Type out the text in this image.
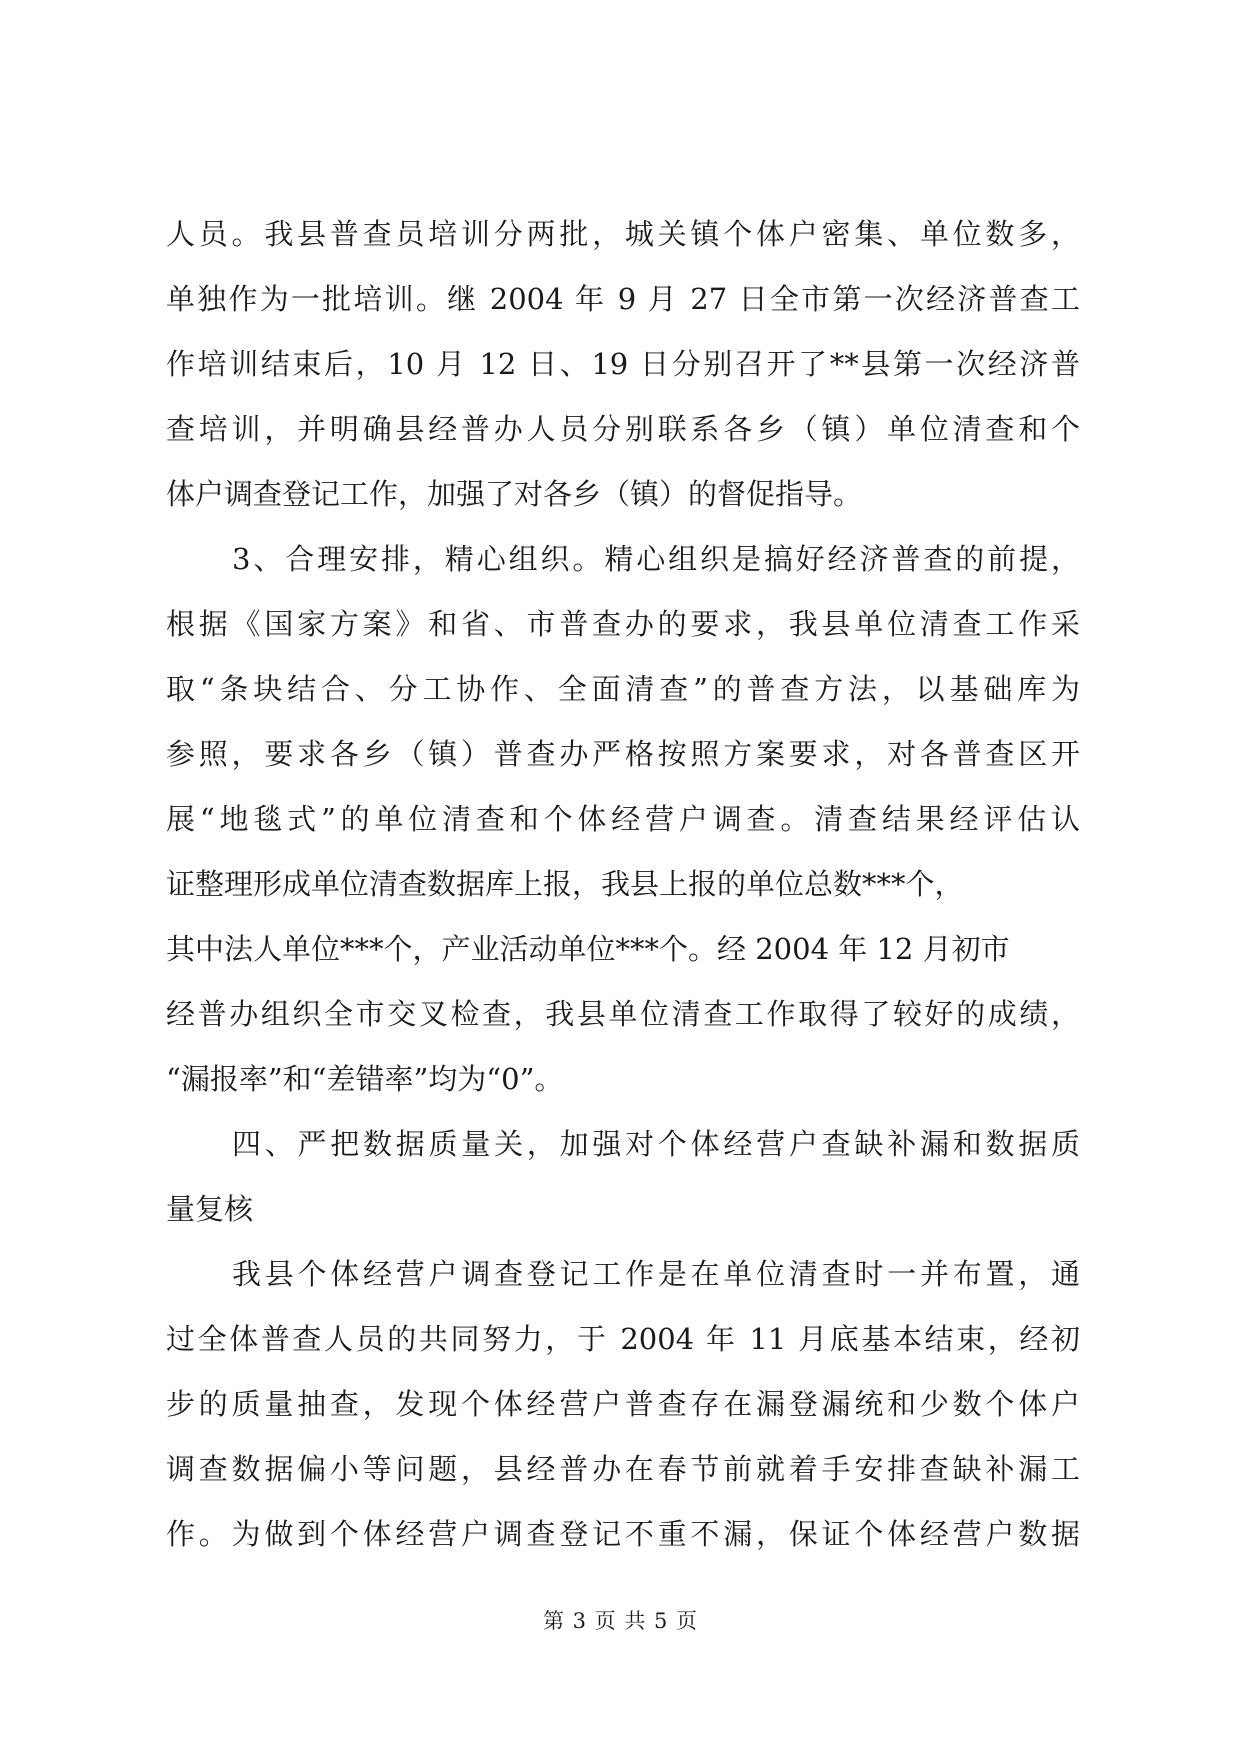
人员。我县普查员培训分两批，城关镇个体户密集、单位数多，
单独作为一批培训。继 2004 年 9 月 27 日全市第一次经济普查工
作培训结束后，10 月 12 日、19 日分别召开了**县第一次经济普
查培训，并明确县经普办人员分别联系各乡（镇）单位清查和个
体户调查登记工作，加强了对各乡（镇）的督促指导。
3、合理安排，精心组织。精心组织是搞好经济普查的前提，
根据《国家方案》和省、市普查办的要求，我县单位清查工作采
取“条块结合、分工协作、全面清查”的普查方法，以基础库为
参照，要求各乡（镇）普查办严格按照方案要求，对各普查区开
展“地毯式”的单位清查和个体经营户调查。清查结果经评估认
证整理形成单位清查数据库上报，我县上报的单位总数***个，
其中法人单位***个，产业活动单位***个。经 2004 年 12 月初市
经普办组织全市交叉检查，我县单位清查工作取得了较好的成绩，
“漏报率”和“差错率”均为“0”。
四、严把数据质量关，加强对个体经营户查缺补漏和数据质
量复核
我县个体经营户调查登记工作是在单位清查时一并布置，通
过全体普查人员的共同努力，于 2004 年 11 月底基本结束，经初
步的质量抽查，发现个体经营户普查存在漏登漏统和少数个体户
调查数据偏小等问题，县经普办在春节前就着手安排查缺补漏工
作。为做到个体经营户调查登记不重不漏，保证个体经营户数据
第 3 页 共 5 页
